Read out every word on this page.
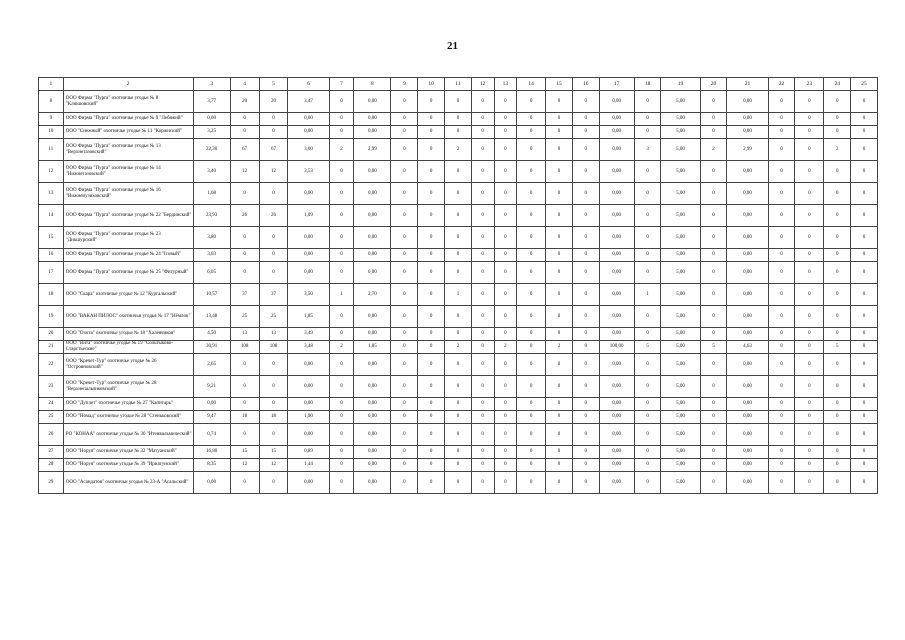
21
1	2	3	4	5	6	7	8	9	10	11	12	13	14	15	16	17	18	19	20	21	22	23	24	25
8	ООО Фирма "Пурга" охотничье угодье № 8 "Клюшовский"	3,77	20	20	3,47	0	0,00	0	0	0	0	0	0	0	0	0,00	0	5,00	0	0,00	0	0	0	0
9	ООО Фирма "Пурга" охотничье угодье № 9 "Лебяжий"	0,00	0	0	0,00	0	0,00	0	0	0	0	0	0	0	0	0,00	0	5,00	0	0,00	0	0	0	0
10	ООО "Снежный" охотничье угодье № 11 "Коржиский"	3,25	0	0	0,00	0	0,00	0	0	0	0	0	0	0	0	0,00	0	5,00	0	0,00	0	0	0	0
11	ООО Фирма "Пурга" охотничье угодье № 13 "Верхнетазовский"	22,30	67	67	3,00	2	2,99	0	0	2	0	0	0	0	0	0,00	3	5,00	2	2,99	0	0	2	0
12	ООО Фирма "Пурга" охотничье угодье № 14 "Нижнетазовский"	3,40	12	12	3,53	0	0,00	0	0	0	0	0	0	0	0	0,00	0	5,00	0	0,00	0	0	0	0
13	ООО Фирма "Пурга" охотничье угодье № 16 "Нижнеиузиховский"	1,68	0	0	0,00	0	0,00	0	0	0	0	0	0	0	0	0,00	0	5,00	0	0,00	0	0	0	0
14	ООО Фирма "Пурга" охотничье угодье № 22 "Бердинский"	23,93	26	26	1,09	0	0,00	0	0	0	0	0	0	0	0	0,00	0	5,00	0	0,00	0	0	0	0
15	ООО Фирма "Пурга" охотничье угодье № 23 "Дикшурский"	3,80	0	0	0,00	0	0,00	0	0	0	0	0	0	0	0	0,00	0	5,00	0	0,00	0	0	0	0
16	ООО Фирма "Пурга" охотничье угодье № 24 "Ісовый"	3,03	0	0	0,00	0	0,00	0	0	0	0	0	0	0	0	0,00	0	5,00	0	0,00	0	0	0	0
17	ООО Фирма "Пурга" охотничье угодье № 25 "Фигурный"	6,05	0	0	0,00	0	0,00	0	0	0	0	0	0	0	0	0,00	0	5,00	0	0,00	0	0	0	0
18	ООО "Скара" охотничье угодье № 12 "Кургальский"	10,57	37	37	3,50	1	2,70	0	0	1	0	0	0	0	0	0,00	1	5,00	0	0,00	0	0	0	0
19	ООО "ВАКАН ПИЛОС" охотничьи угодья № 17 "Нёмлок"	13,48	25	25	1,85	0	0,00	0	0	0	0	0	0	0	0	0,00	0	5,00	0	0,00	0	0	0	0
20	ООО "Охота" охотничье угодье № 18 "Халевчиков"	4,50	13	13	3,49	0	0,00	0	0	0	0	0	0	0	0	0,00	0	5,00	0	0,00	0	0	0	0
21	ООО "Вита" охотничье угодье № 19 "Сольтыково-Старстьеские"	30,91	108	108	3,48	2	1,85	0	0	2	0	2	0	2	0	100,00	5	5,00	5	4,63	0	0	5	0
22	ООО "Кречет-Тур" охотничье угодье № 26 "Островновский"	2,65	0	0	0,00	0	0,00	0	0	0	0	0	0	0	0	0,00	0	5,00	0	0,00	0	0	0	0
23	ООО "Кречет-Тур" охотничье угодье № 28 "Верхнепальчиковский"	9,21	0	0	0,00	0	0,00	0	0	0	0	0	0	0	0	0,00	0	5,00	0	0,00	0	0	0	0
24	ООО "Дуплет" охотничье угодье № 27 "Капитарь"	0,00	0	0	0,00	0	0,00	0	0	0	0	0	0	0	0	0,00	0	5,00	0	0,00	0	0	0	0
25	ООО "Номад" охотничье угодье № 28 "Стеньковский"	9,47	18	18	1,90	0	0,00	0	0	0	0	0	0	0	0	0,00	0	5,00	0	0,00	0	0	0	0
26	РО "КОНАА" охотничье угодье № 30 "Итенвальмический"	0,74	0	0	0,00	0	0,00	0	0	0	0	0	0	0	0	0,00	0	5,00	0	0,00	0	0	0	0
27	ООО "Норуя" охотничье угодье № 32 "Матуанский"	16,80	15	15	0,89	0	0,00	0	0	0	0	0	0	0	0	0,00	0	5,00	0	0,00	0	0	0	0
28	ООО "Норуя" охотничье угодье № 39 "Ириатунский"	8,35	12	12	1,44	0	0,00	0	0	0	0	0	0	0	0	0,00	0	5,00	0	0,00	0	0	0	0
29	ООО "Асандатов" охотничьи угодья № 33-А "Асальский"	0,00	0	0	0,00	0	0,00	0	0	0	0	0	0	0	0	0,00	0	5,00	0	0,00	0	0	0	0
